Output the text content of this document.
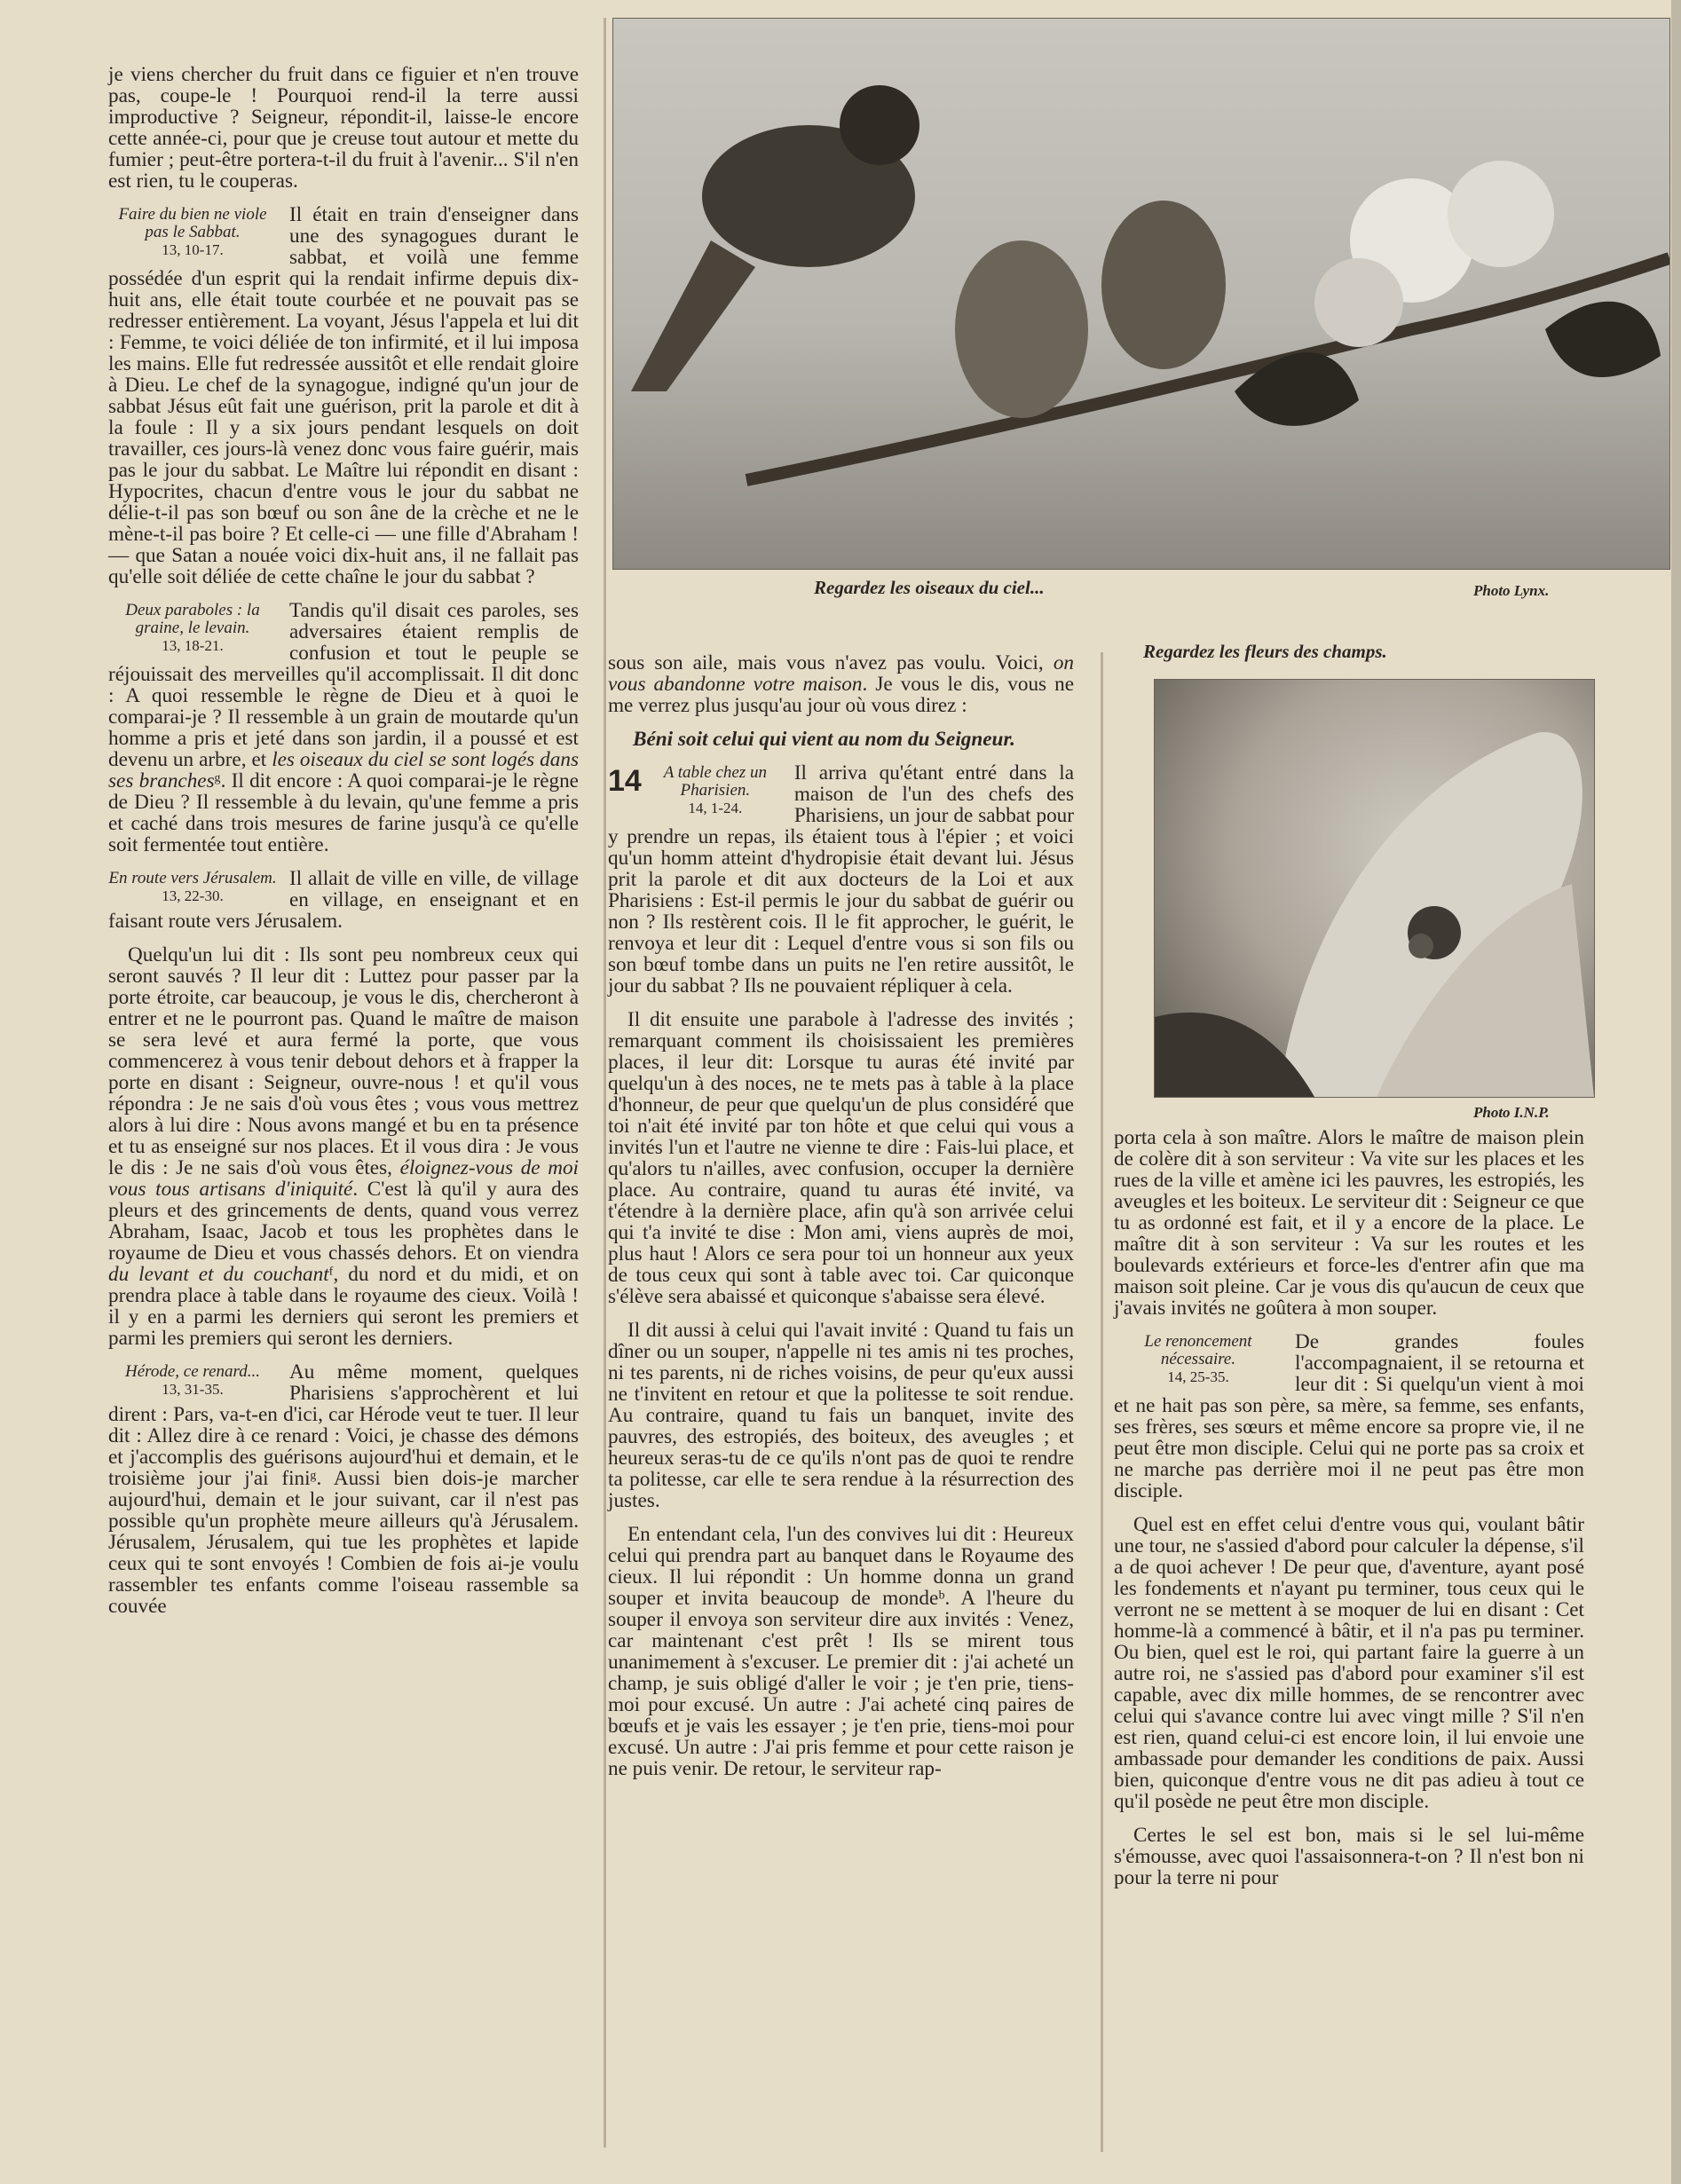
je viens chercher du fruit dans ce figuier et n'en trouve pas, coupe-le ! Pourquoi rend-il la terre aussi improductive ? Seigneur, répondit-il, laisse-le encore cette année-ci, pour que je creuse tout autour et mette du fumier ; peut-être portera-t-il du fruit à l'avenir... S'il n'en est rien, tu le couperas.

Faire du bien ne viole pas le Sabbat.
13, 10-17.

Il était en train d'enseigner dans une des synagogues durant le sabbat, et voilà une femme possédée d'un esprit qui la rendait infirme depuis dix-huit ans, elle était toute courbée et ne pouvait pas se redresser entièrement. La voyant, Jésus l'appela et lui dit : Femme, te voici déliée de ton infirmité, et il lui imposa les mains. Elle fut redressée aussitôt et elle rendait gloire à Dieu. Le chef de la synagogue, indigné qu'un jour de sabbat Jésus eût fait une guérison, prit la parole et dit à la foule : Il y a six jours pendant lesquels on doit travailler, ces jours-là venez donc vous faire guérir, mais pas le jour du sabbat. Le Maître lui répondit en disant : Hypocrites, chacun d'entre vous le jour du sabbat ne délie-t-il pas son bœuf ou son âne de la crèche et ne le mène-t-il pas boire ? Et celle-ci — une fille d'Abraham ! — que Satan a nouée voici dix-huit ans, il ne fallait pas qu'elle soit déliée de cette chaîne le jour du sabbat ?

Deux paraboles : la graine, le levain.
13, 18-21.

Tandis qu'il disait ces paroles, ses adversaires étaient remplis de confusion et tout le peuple se réjouissait des merveilles qu'il accomplissait. Il dit donc : A quoi ressemble le règne de Dieu et à quoi le comparai-je ? Il ressemble à un grain de moutarde qu'un homme a pris et jeté dans son jardin, il a poussé et est devenu un arbre, et les oiseaux du ciel se sont logés dans ses branchesᵍ. Il dit encore : A quoi comparai-je le règne de Dieu ? Il ressemble à du levain, qu'une femme a pris et caché dans trois mesures de farine jusqu'à ce qu'elle soit fermentée tout entière.

En route vers Jérusalem.
13, 22-30.

Il allait de ville en ville, de village en village, en enseignant et en faisant route vers Jérusalem.

Quelqu'un lui dit : Ils sont peu nombreux ceux qui seront sauvés ? Il leur dit : Luttez pour passer par la porte étroite, car beaucoup, je vous le dis, chercheront à entrer et ne le pourront pas. Quand le maître de maison se sera levé et aura fermé la porte, que vous commencerez à vous tenir debout dehors et à frapper la porte en disant : Seigneur, ouvre-nous ! et qu'il vous répondra : Je ne sais d'où vous êtes ; vous vous mettrez alors à lui dire : Nous avons mangé et bu en ta présence et tu as enseigné sur nos places. Et il vous dira : Je vous le dis : Je ne sais d'où vous êtes, éloignez-vous de moi vous tous artisans d'iniquité. C'est là qu'il y aura des pleurs et des grincements de dents, quand vous verrez Abraham, Isaac, Jacob et tous les prophètes dans le royaume de Dieu et vous chassés dehors. Et on viendra du levant et du couchantᶠ, du nord et du midi, et on prendra place à table dans le royaume des cieux. Voilà ! il y en a parmi les derniers qui seront les premiers et parmi les premiers qui seront les derniers.

Hérode, ce renard...
13, 31-35.

Au même moment, quelques Pharisiens s'approchèrent et lui dirent : Pars, va-t-en d'ici, car Hérode veut te tuer. Il leur dit : Allez dire à ce renard : Voici, je chasse des démons et j'accomplis des guérisons aujourd'hui et demain, et le troisième jour j'ai finiᵍ. Aussi bien dois-je marcher aujourd'hui, demain et le jour suivant, car il n'est pas possible qu'un prophète meure ailleurs qu'à Jérusalem. Jérusalem, Jérusalem, qui tue les prophètes et lapide ceux qui te sont envoyés ! Combien de fois ai-je voulu rassembler tes enfants comme l'oiseau rassemble sa couvée

Regardez les oiseaux du ciel...	Photo Lynx.

sous son aile, mais vous n'avez pas voulu. Voici, on vous abandonne votre maison. Je vous le dis, vous ne me verrez plus jusqu'au jour où vous direz :

Béni soit celui qui vient au nom du Seigneur.

14	A table chez un Pharisien.
14, 1-24.

Il arriva qu'étant entré dans la maison de l'un des chefs des Pharisiens, un jour de sabbat pour y prendre un repas, ils étaient tous à l'épier ; et voici qu'un homm atteint d'hydropisie était devant lui. Jésus prit la parole et dit aux docteurs de la Loi et aux Pharisiens : Est-il permis le jour du sabbat de guérir ou non ? Ils restèrent cois. Il le fit approcher, le guérit, le renvoya et leur dit : Lequel d'entre vous si son fils ou son bœuf tombe dans un puits ne l'en retire aussitôt, le jour du sabbat ? Ils ne pouvaient répliquer à cela.

Il dit ensuite une parabole à l'adresse des invités ; remarquant comment ils choisissaient les premières places, il leur dit: Lorsque tu auras été invité par quelqu'un à des noces, ne te mets pas à table à la place d'honneur, de peur que quelqu'un de plus considéré que toi n'ait été invité par ton hôte et que celui qui vous a invités l'un et l'autre ne vienne te dire : Fais-lui place, et qu'alors tu n'ailles, avec confusion, occuper la dernière place. Au contraire, quand tu auras été invité, va t'étendre à la dernière place, afin qu'à son arrivée celui qui t'a invité te dise : Mon ami, viens auprès de moi, plus haut ! Alors ce sera pour toi un honneur aux yeux de tous ceux qui sont à table avec toi. Car quiconque s'élève sera abaissé et quiconque s'abaisse sera élevé.

Il dit aussi à celui qui l'avait invité : Quand tu fais un dîner ou un souper, n'appelle ni tes amis ni tes proches, ni tes parents, ni de riches voisins, de peur qu'eux aussi ne t'invitent en retour et que la politesse te soit rendue. Au contraire, quand tu fais un banquet, invite des pauvres, des estropiés, des boiteux, des aveugles ; et heureux seras-tu de ce qu'ils n'ont pas de quoi te rendre ta politesse, car elle te sera rendue à la résurrection des justes.

En entendant cela, l'un des convives lui dit : Heureux celui qui prendra part au banquet dans le Royaume des cieux. Il lui répondit : Un homme donna un grand souper et invita beaucoup de mondeᵇ. A l'heure du souper il envoya son serviteur dire aux invités : Venez, car maintenant c'est prêt ! Ils se mirent tous unanimement à s'excuser. Le premier dit : j'ai acheté un champ, je suis obligé d'aller le voir ; je t'en prie, tiens-moi pour excusé. Un autre : J'ai acheté cinq paires de bœufs et je vais les essayer ; je t'en prie, tiens-moi pour excusé. Un autre : J'ai pris femme et pour cette raison je ne puis venir. De retour, le serviteur rap-

Regardez les fleurs des champs.
Photo I.N.P.

porta cela à son maître. Alors le maître de maison plein de colère dit à son serviteur : Va vite sur les places et les rues de la ville et amène ici les pauvres, les estropiés, les aveugles et les boiteux. Le serviteur dit : Seigneur ce que tu as ordonné est fait, et il y a encore de la place. Le maître dit à son serviteur : Va sur les routes et les boulevards extérieurs et force-les d'entrer afin que ma maison soit pleine. Car je vous dis qu'aucun de ceux que j'avais invités ne goûtera à mon souper.

Le renoncement nécessaire.
14, 25-35.

De grandes foules l'accompagnaient, il se retourna et leur dit : Si quelqu'un vient à moi et ne hait pas son père, sa mère, sa femme, ses enfants, ses frères, ses sœurs et même encore sa propre vie, il ne peut être mon disciple. Celui qui ne porte pas sa croix et ne marche pas derrière moi il ne peut pas être mon disciple.

Quel est en effet celui d'entre vous qui, voulant bâtir une tour, ne s'assied d'abord pour calculer la dépense, s'il a de quoi achever ! De peur que, d'aventure, ayant posé les fondements et n'ayant pu terminer, tous ceux qui le verront ne se mettent à se moquer de lui en disant : Cet homme-là a commencé à bâtir, et il n'a pas pu terminer. Ou bien, quel est le roi, qui partant faire la guerre à un autre roi, ne s'assied pas d'abord pour examiner s'il est capable, avec dix mille hommes, de se rencontrer avec celui qui s'avance contre lui avec vingt mille ? S'il n'en est rien, quand celui-ci est encore loin, il lui envoie une ambassade pour demander les conditions de paix. Aussi bien, quiconque d'entre vous ne dit pas adieu à tout ce qu'il posède ne peut être mon disciple.

Certes le sel est bon, mais si le sel lui-même s'émousse, avec quoi l'assaisonnera-t-on ? Il n'est bon ni pour la terre ni pour
